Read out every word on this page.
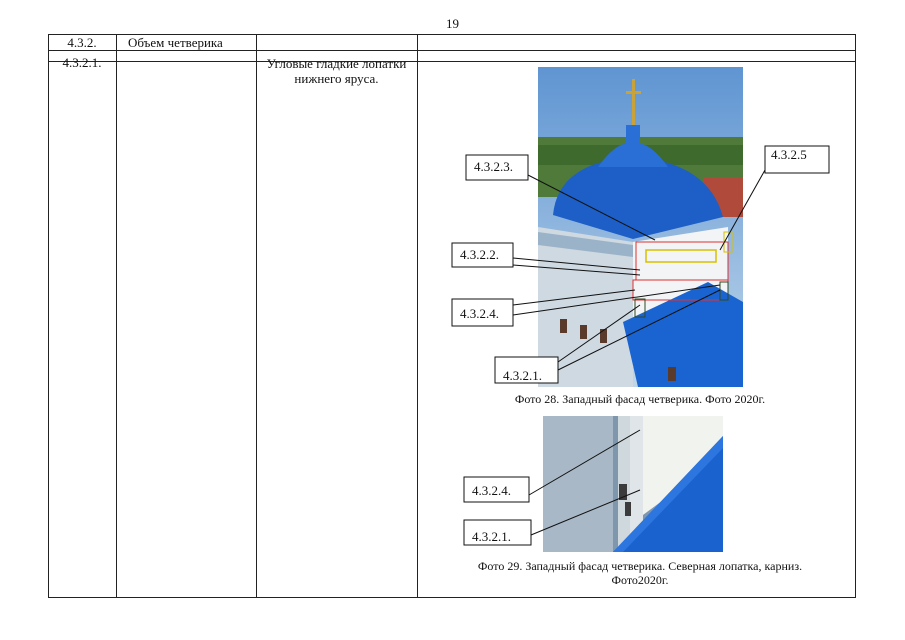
19
4.3.2.	Объем четверика
4.3.2.1.	Угловые гладкие лопатки нижнего яруса.
4.3.2.3.
4.3.2.5
4.3.2.2.
4.3.2.4.
4.3.2.1.
Фото 28. Западный фасад четверика. Фото 2020г.
4.3.2.4.
4.3.2.1.
Фото 29. Западный фасад четверика. Северная лопатка, карниз. Фото2020г.
